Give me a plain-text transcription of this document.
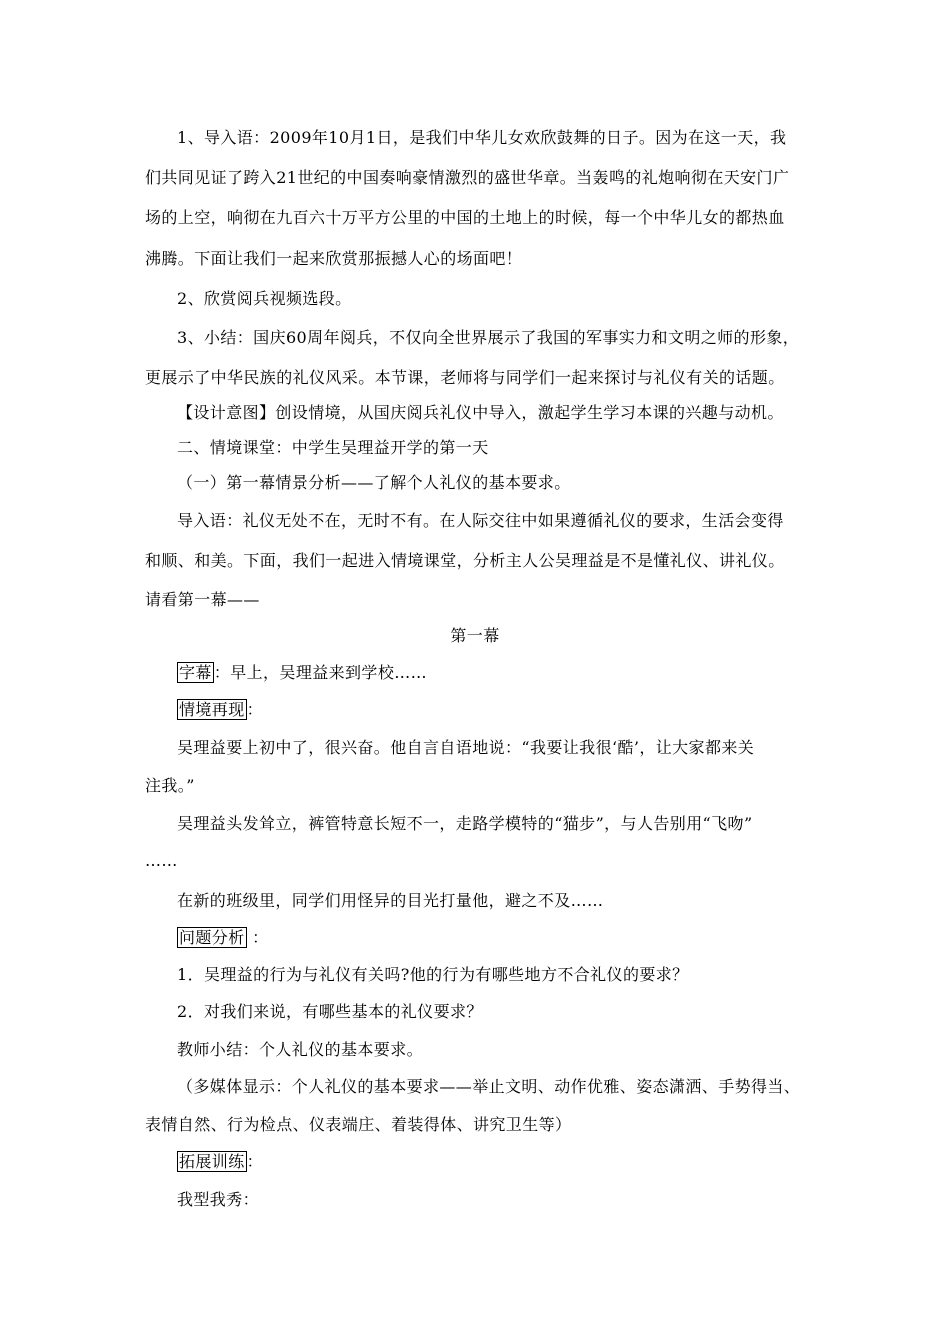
1、导入语：2009年10月1日，是我们中华儿女欢欣鼓舞的日子。因为在这一天，我

们共同见证了跨入21世纪的中国奏响豪情激烈的盛世华章。当轰鸣的礼炮响彻在天安门广

场的上空，响彻在九百六十万平方公里的中国的土地上的时候，每一个中华儿女的都热血

沸腾。下面让我们一起来欣赏那振撼人心的场面吧！

2、欣赏阅兵视频选段。

3、小结：国庆60周年阅兵，不仅向全世界展示了我国的军事实力和文明之师的形象，

更展示了中华民族的礼仪风采。本节课，老师将与同学们一起来探讨与礼仪有关的话题。

【设计意图】创设情境，从国庆阅兵礼仪中导入，激起学生学习本课的兴趣与动机。

二、情境课堂：中学生吴理益开学的第一天

（一）第一幕情景分析——了解个人礼仪的基本要求。

导入语：礼仪无处不在，无时不有。在人际交往中如果遵循礼仪的要求，生活会变得

和顺、和美。下面，我们一起进入情境课堂，分析主人公吴理益是不是懂礼仪、讲礼仪。

请看第一幕——

第一幕

字幕 ：早上，吴理益来到学校……

情境再现 ：

吴理益要上初中了，很兴奋。他自言自语地说：“我要让我很‘酷’，让大家都来关

注我。”

吴理益头发耸立，裤管特意长短不一，走路学模特的“猫步”，与人告别用“飞吻”

……

在新的班级里，同学们用怪异的目光打量他，避之不及……

问题分析 ：

1．吴理益的行为与礼仪有关吗?他的行为有哪些地方不合礼仪的要求？

2．对我们来说，有哪些基本的礼仪要求？

教师小结：个人礼仪的基本要求。

（多媒体显示：个人礼仪的基本要求——举止文明、动作优雅、姿态潇洒、手势得当、

表情自然、行为检点、仪表端庄、着装得体、讲究卫生等）

拓展训练 ：

我型我秀：
